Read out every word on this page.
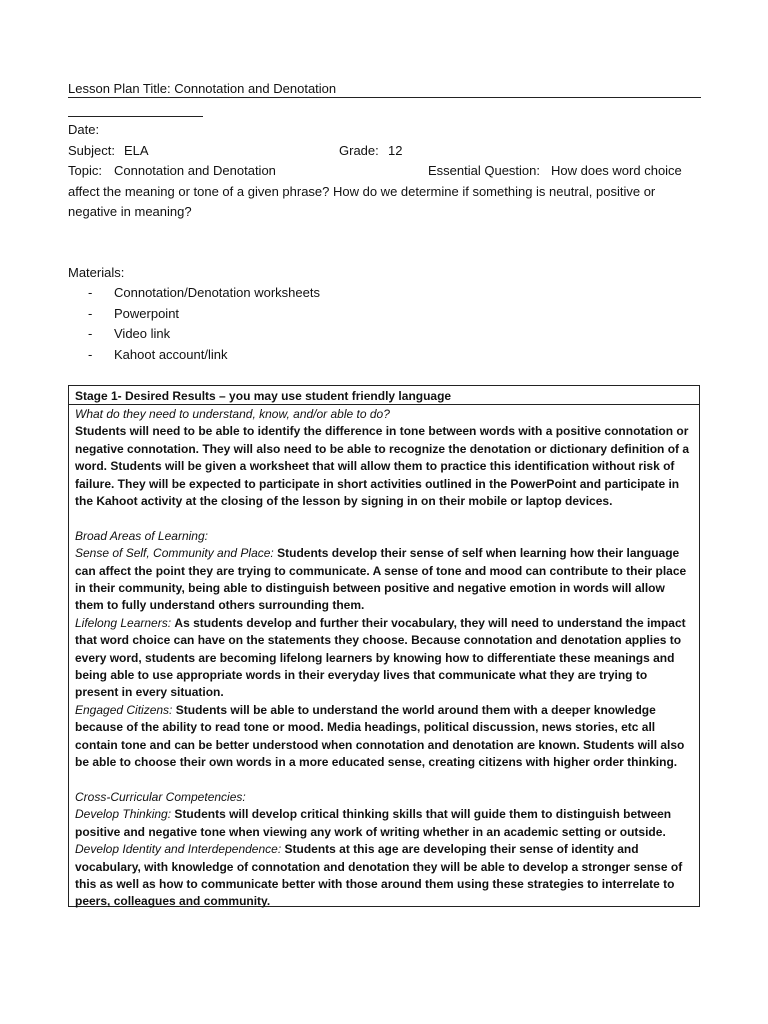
Lesson Plan Title: Connotation and Denotation
Date:
Subject: ELA	Grade: 12
Topic: Connotation and Denotation	Essential Question: How does word choice
affect the meaning or tone of a given phrase? How do we determine if something is neutral, positive or
negative in meaning?
Materials:
-	Connotation/Denotation worksheets
-	Powerpoint
-	Video link
-	Kahoot account/link
Stage 1- Desired Results – you may use student friendly language

What do they need to understand, know, and/or able to do?

Students will need to be able to identify the difference in tone between words with a positive connotation or negative connotation. They will also need to be able to recognize the denotation or dictionary definition of a word. Students will be given a worksheet that will allow them to practice this identification without risk of failure. They will be expected to participate in short activities outlined in the PowerPoint and participate in the Kahoot activity at the closing of the lesson by signing in on their mobile or laptop devices.

Broad Areas of Learning:

Sense of Self, Community and Place: Students develop their sense of self when learning how their language can affect the point they are trying to communicate. A sense of tone and mood can contribute to their place in their community, being able to distinguish between positive and negative emotion in words will allow them to fully understand others surrounding them.

Lifelong Learners: As students develop and further their vocabulary, they will need to understand the impact that word choice can have on the statements they choose. Because connotation and denotation applies to every word, students are becoming lifelong learners by knowing how to differentiate these meanings and being able to use appropriate words in their everyday lives that communicate what they are trying to present in every situation.

Engaged Citizens: Students will be able to understand the world around them with a deeper knowledge because of the ability to read tone or mood. Media headings, political discussion, news stories, etc all contain tone and can be better understood when connotation and denotation are known. Students will also be able to choose their own words in a more educated sense, creating citizens with higher order thinking.

Cross-Curricular Competencies:

Develop Thinking: Students will develop critical thinking skills that will guide them to distinguish between positive and negative tone when viewing any work of writing whether in an academic setting or outside.

Develop Identity and Interdependence: Students at this age are developing their sense of identity and vocabulary, with knowledge of connotation and denotation they will be able to develop a stronger sense of this as well as how to communicate better with those around them using these strategies to interrelate to peers, colleagues and community.
